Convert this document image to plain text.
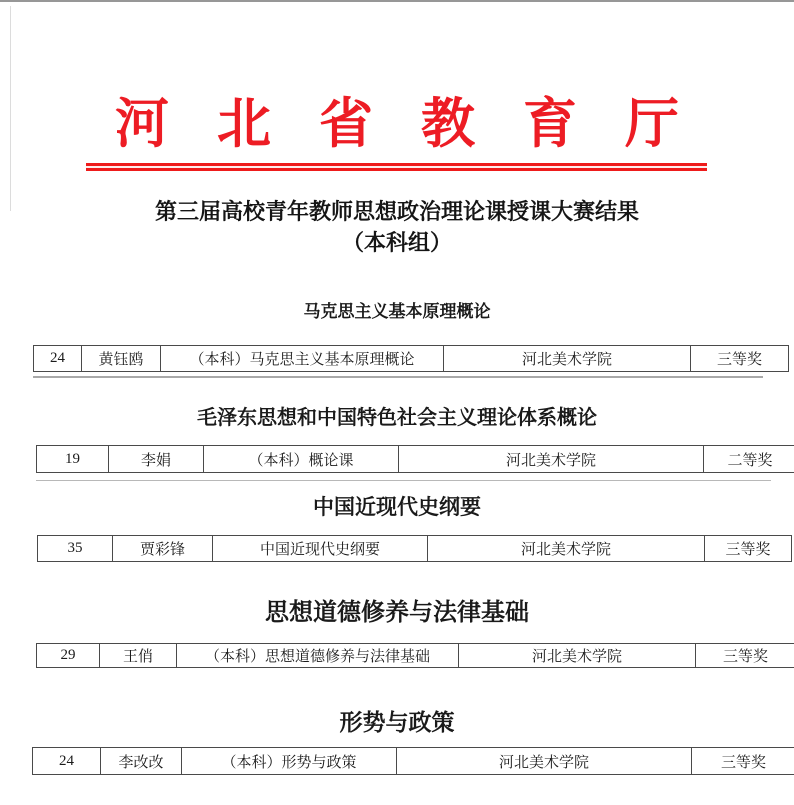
河北省教育厅
第三届高校青年教师思想政治理论课授课大赛结果
（本科组）
马克思主义基本原理概论
24	黄钰鸥	（本科）马克思主义基本原理概论	河北美术学院	三等奖
毛泽东思想和中国特色社会主义理论体系概论
19	李娟	（本科）概论课	河北美术学院	二等奖
中国近现代史纲要
35	贾彩锋	中国近现代史纲要	河北美术学院	三等奖
思想道德修养与法律基础
29	王俏	（本科）思想道德修养与法律基础	河北美术学院	三等奖
形势与政策
24	李改改	（本科）形势与政策	河北美术学院	三等奖
